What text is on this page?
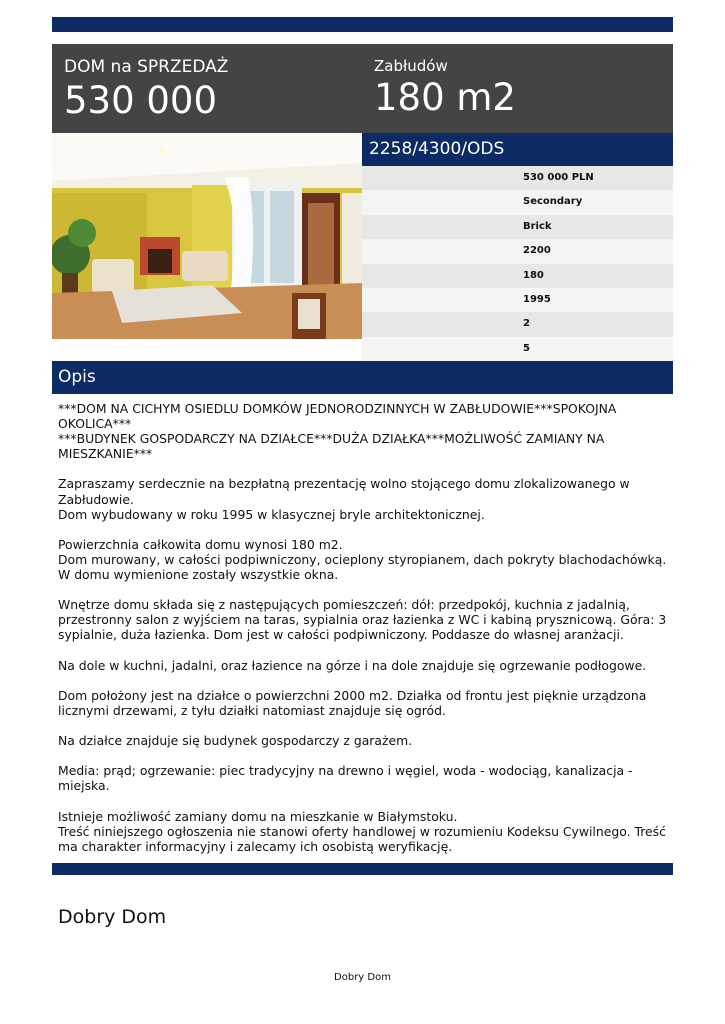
DOM na SPRZEDAŻ
530 000
Zabłudów
180 m2
2258/4300/ODS
530 000 PLN
Secondary
Brick
2200
180
1995
2
5
Opis

***DOM NA CICHYM OSIEDLU DOMKÓW JEDNORODZINNYCH W ZABŁUDOWIE***SPOKOJNA OKOLICA***

***BUDYNEK GOSPODARCZY NA DZIAŁCE***DUŻA DZIAŁKA***MOŻLIWOŚĆ ZAMIANY NA MIESZKANIE***

Zapraszamy serdecznie na bezpłatną prezentację wolno stojącego domu zlokalizowanego w Zabłudowie.

Dom wybudowany w roku 1995 w klasycznej bryle architektonicznej.

Powierzchnia całkowita domu wynosi 180 m2.

Dom murowany, w całości podpiwniczony, ocieplony styropianem, dach pokryty blachodachówką.

W domu wymienione zostały wszystkie okna.

Wnętrze domu składa się z następujących pomieszczeń: dół: przedpokój, kuchnia z jadalnią, przestronny salon z wyjściem na taras, sypialnia oraz łazienka z WC i kabiną prysznicową. Góra: 3 sypialnie, duża łazienka. Dom jest w całości podpiwniczony. Poddasze do własnej aranżacji.

Na dole w kuchni, jadalni, oraz łazience na górze i na dole znajduje się ogrzewanie podłogowe.

Dom położony jest na działce o powierzchni 2000 m2. Działka od frontu jest pięknie urządzona licznymi drzewami, z tyłu działki natomiast znajduje się ogród.

Na działce znajduje się budynek gospodarczy z garażem.

Media: prąd; ogrzewanie: piec tradycyjny na drewno i węgiel, woda - wodociąg, kanalizacja - miejska.

Istnieje możliwość zamiany domu na mieszkanie w Białymstoku.

Treść niniejszego ogłoszenia nie stanowi oferty handlowej w rozumieniu Kodeksu Cywilnego. Treść ma charakter informacyjny i zalecamy ich osobistą weryfikację.

Dobry Dom
Dobry Dom
